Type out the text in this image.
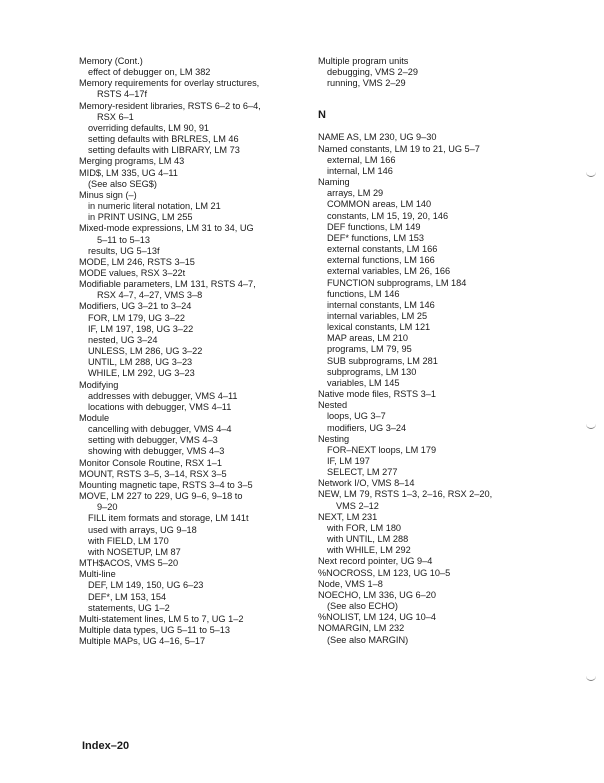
Memory (Cont.)
effect of debugger on, LM 382
Memory requirements for overlay structures,
RSTS 4–17f
Memory-resident libraries, RSTS 6–2 to 6–4,
RSX 6–1
overriding defaults, LM 90, 91
setting defaults with BRLRES, LM 46
setting defaults with LIBRARY, LM 73
Merging programs, LM 43
MID$, LM 335, UG 4–11
(See also SEG$)
Minus sign (–)
in numeric literal notation, LM 21
in PRINT USING, LM 255
Mixed-mode expressions, LM 31 to 34, UG
5–11 to 5–13
results, UG 5–13f
MODE, LM 246, RSTS 3–15
MODE values, RSX 3–22t
Modifiable parameters, LM 131, RSTS 4–7,
RSX 4–7, 4–27, VMS 3–8
Modifiers, UG 3–21 to 3–24
FOR, LM 179, UG 3–22
IF, LM 197, 198, UG 3–22
nested, UG 3–24
UNLESS, LM 286, UG 3–22
UNTIL, LM 288, UG 3–23
WHILE, LM 292, UG 3–23
Modifying
addresses with debugger, VMS 4–11
locations with debugger, VMS 4–11
Module
cancelling with debugger, VMS 4–4
setting with debugger, VMS 4–3
showing with debugger, VMS 4–3
Monitor Console Routine, RSX 1–1
MOUNT, RSTS 3–5, 3–14, RSX 3–5
Mounting magnetic tape, RSTS 3–4 to 3–5
MOVE, LM 227 to 229, UG 9–6, 9–18 to
9–20
FILL item formats and storage, LM 141t
used with arrays, UG 9–18
with FIELD, LM 170
with NOSETUP, LM 87
MTH$ACOS, VMS 5–20
Multi-line
DEF, LM 149, 150, UG 6–23
DEF*, LM 153, 154
statements, UG 1–2
Multi-statement lines, LM 5 to 7, UG 1–2
Multiple data types, UG 5–11 to 5–13
Multiple MAPs, UG 4–16, 5–17
Multiple program units
debugging, VMS 2–29
running, VMS 2–29
N
NAME AS, LM 230, UG 9–30
Named constants, LM 19 to 21, UG 5–7
external, LM 166
internal, LM 146
Naming
arrays, LM 29
COMMON areas, LM 140
constants, LM 15, 19, 20, 146
DEF functions, LM 149
DEF* functions, LM 153
external constants, LM 166
external functions, LM 166
external variables, LM 26, 166
FUNCTION subprograms, LM 184
functions, LM 146
internal constants, LM 146
internal variables, LM 25
lexical constants, LM 121
MAP areas, LM 210
programs, LM 79, 95
SUB subprograms, LM 281
subprograms, LM 130
variables, LM 145
Native mode files, RSTS 3–1
Nested
loops, UG 3–7
modifiers, UG 3–24
Nesting
FOR–NEXT loops, LM 179
IF, LM 197
SELECT, LM 277
Network I/O, VMS 8–14
NEW, LM 79, RSTS 1–3, 2–16, RSX 2–20,
VMS 2–12
NEXT, LM 231
with FOR, LM 180
with UNTIL, LM 288
with WHILE, LM 292
Next record pointer, UG 9–4
%NOCROSS, LM 123, UG 10–5
Node, VMS 1–8
NOECHO, LM 336, UG 6–20
(See also ECHO)
%NOLIST, LM 124, UG 10–4
NOMARGIN, LM 232
(See also MARGIN)
Index–20
